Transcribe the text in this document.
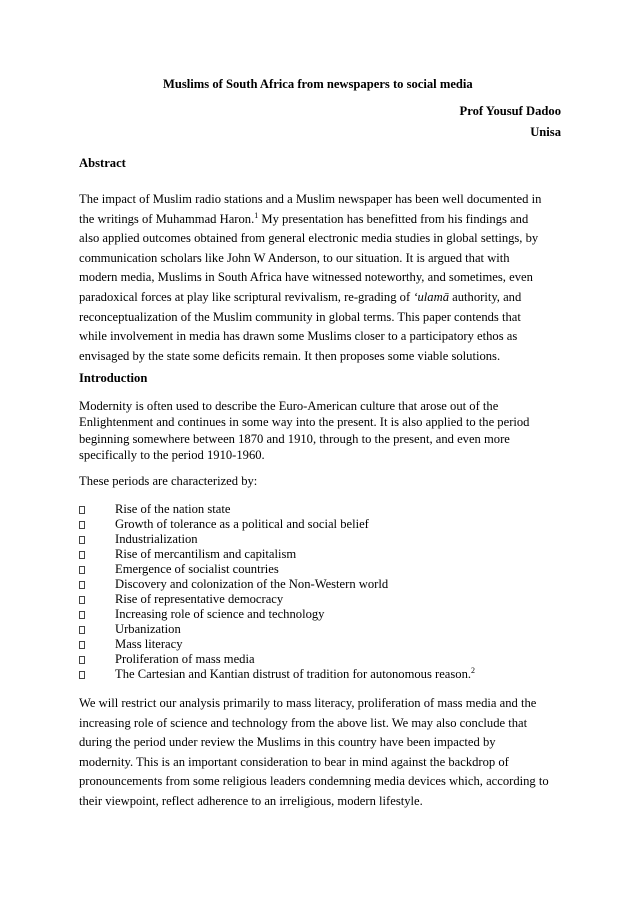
Muslims of South Africa from newspapers to social media
Prof Yousuf Dadoo
Unisa
Abstract
The impact of Muslim radio stations and a Muslim newspaper has been well documented in
the writings of Muhammad Haron.$^1$ My presentation has benefitted from his findings and
also applied outcomes obtained from general electronic media studies in global settings, by
communication scholars like John W Anderson, to our situation. It is argued that with
modern media, Muslims in South Africa have witnessed noteworthy, and sometimes, even
paradoxical forces at play like scriptural revivalism, re-grading of ‘ulamā authority, and
reconceptualization of the Muslim community in global terms. This paper contends that
while involvement in media has drawn some Muslims closer to a participatory ethos as
envisaged by the state some deficits remain. It then proposes some viable solutions.
Introduction
Modernity is often used to describe the Euro-American culture that arose out of the
Enlightenment and continues in some way into the present. It is also applied to the period
beginning somewhere between 1870 and 1910, through to the present, and even more
specifically to the period 1910-1960.
These periods are characterized by:
Rise of the nation state
Growth of tolerance as a political and social belief
Industrialization
Rise of mercantilism and capitalism
Emergence of socialist countries
Discovery and colonization of the Non-Western world
Rise of representative democracy
Increasing role of science and technology
Urbanization
Mass literacy
Proliferation of mass media
The Cartesian and Kantian distrust of tradition for autonomous reason.$^2$
We will restrict our analysis primarily to mass literacy, proliferation of mass media and the
increasing role of science and technology from the above list. We may also conclude that
during the period under review the Muslims in this country have been impacted by
modernity. This is an important consideration to bear in mind against the backdrop of
pronouncements from some religious leaders condemning media devices which, according to
their viewpoint, reflect adherence to an irreligious, modern lifestyle.
